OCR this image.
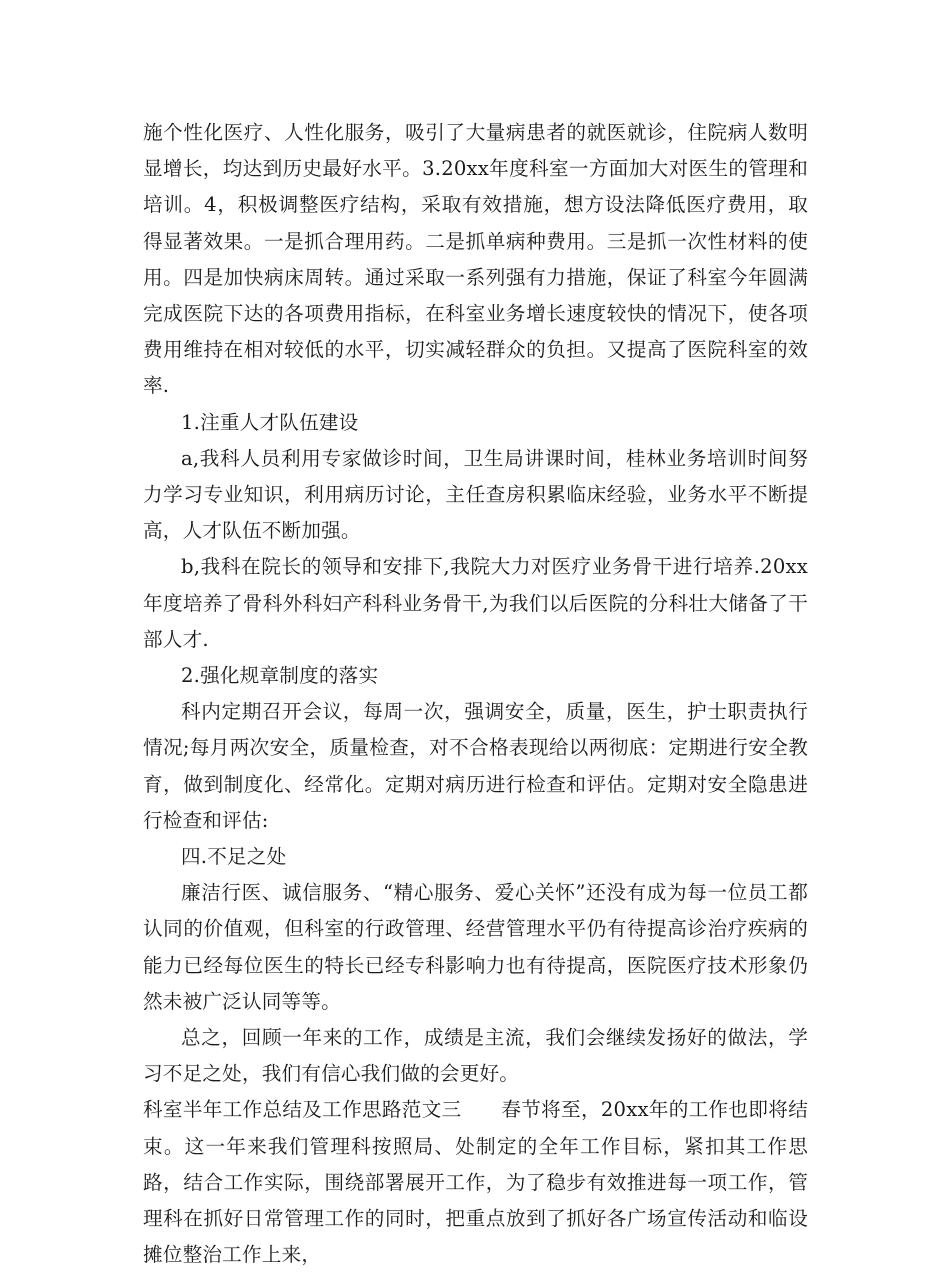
施个性化医疗、人性化服务，吸引了大量病患者的就医就诊，住院病人数明显增长，均达到历史最好水平。3.20xx年度科室一方面加大对医生的管理和培训。4，积极调整医疗结构，采取有效措施，想方设法降低医疗费用，取得显著效果。一是抓合理用药。二是抓单病种费用。三是抓一次性材料的使用。四是加快病床周转。通过采取一系列强有力措施，保证了科室今年圆满完成医院下达的各项费用指标，在科室业务增长速度较快的情况下，使各项费用维持在相对较低的水平，切实减轻群众的负担。又提高了医院科室的效率.

1.注重人才队伍建设

a,我科人员利用专家做诊时间，卫生局讲课时间，桂林业务培训时间努力学习专业知识，利用病历讨论，主任查房积累临床经验，业务水平不断提高，人才队伍不断加强。

b,我科在院长的领导和安排下,我院大力对医疗业务骨干进行培养.20xx年度培养了骨科外科妇产科科业务骨干,为我们以后医院的分科壮大储备了干部人才.

2.强化规章制度的落实

科内定期召开会议，每周一次，强调安全，质量，医生，护士职责执行情况;每月两次安全，质量检查，对不合格表现给以两彻底：定期进行安全教育，做到制度化、经常化。定期对病历进行检查和评估。定期对安全隐患进行检查和评估:

四.不足之处

廉洁行医、诚信服务、“精心服务、爱心关怀”还没有成为每一位员工都认同的价值观，但科室的行政管理、经营管理水平仍有待提高诊治疗疾病的能力已经每位医生的特长已经专科影响力也有待提高，医院医疗技术形象仍然未被广泛认同等等。

总之，回顾一年来的工作，成绩是主流，我们会继续发扬好的做法，学习不足之处，我们有信心我们做的会更好。

科室半年工作总结及工作思路范文三　　春节将至，20xx年的工作也即将结束。这一年来我们管理科按照局、处制定的全年工作目标，紧扣其工作思路，结合工作实际，围绕部署展开工作，为了稳步有效推进每一项工作，管理科在抓好日常管理工作的同时，把重点放到了抓好各广场宣传活动和临设摊位整治工作上来，
